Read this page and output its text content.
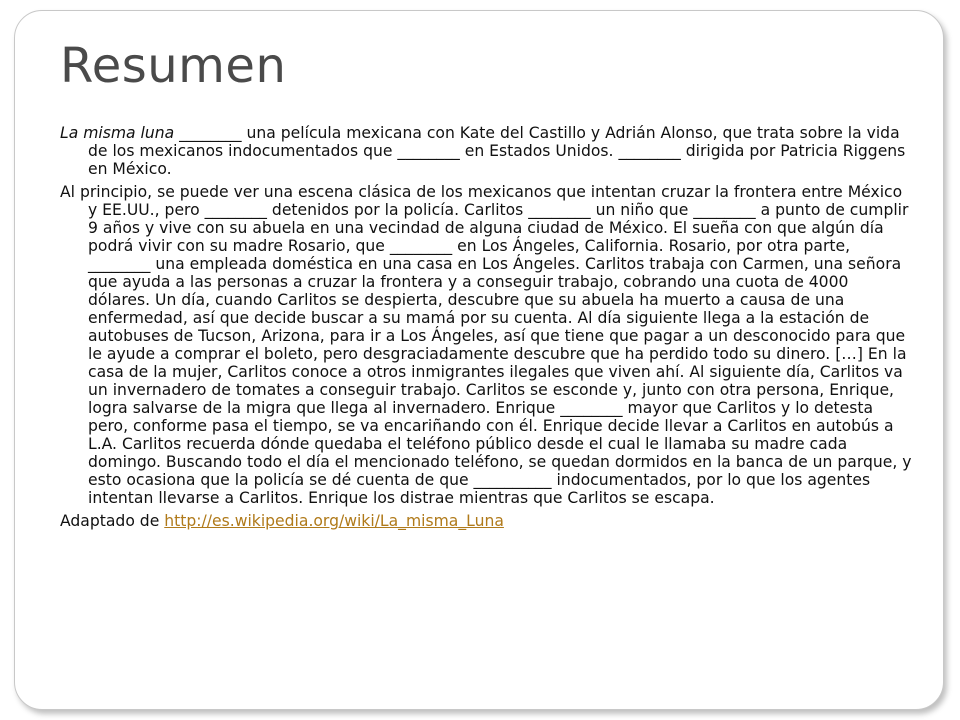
Resumen

La misma luna ________ una película mexicana con Kate del Castillo y Adrián Alonso, que trata sobre la vida de los mexicanos indocumentados que ________ en Estados Unidos. ________ dirigida por Patricia Riggens en México.

Al principio, se puede ver una escena clásica de los mexicanos que intentan cruzar la frontera entre México y EE.UU., pero ________ detenidos por la policía. Carlitos ________ un niño que ________ a punto de cumplir 9 años y vive con su abuela en una vecindad de alguna ciudad de México. El sueña con que algún día podrá vivir con su madre Rosario, que ________ en Los Ángeles, California. Rosario, por otra parte, ________ una empleada doméstica en una casa en Los Ángeles. Carlitos trabaja con Carmen, una señora que ayuda a las personas a cruzar la frontera y a conseguir trabajo, cobrando una cuota de 4000 dólares. Un día, cuando Carlitos se despierta, descubre que su abuela ha muerto a causa de una enfermedad, así que decide buscar a su mamá por su cuenta. Al día siguiente llega a la estación de autobuses de Tucson, Arizona, para ir a Los Ángeles, así que tiene que pagar a un desconocido para que le ayude a comprar el boleto, pero desgraciadamente descubre que ha perdido todo su dinero. […] En la casa de la mujer, Carlitos conoce a otros inmigrantes ilegales que viven ahí. Al siguiente día, Carlitos va un invernadero de tomates a conseguir trabajo. Carlitos se esconde y, junto con otra persona, Enrique, logra salvarse de la migra que llega al invernadero. Enrique ________ mayor que Carlitos y lo detesta pero, conforme pasa el tiempo, se va encariñando con él. Enrique decide llevar a Carlitos en autobús a L.A. Carlitos recuerda dónde quedaba el teléfono público desde el cual le llamaba su madre cada domingo. Buscando todo el día el mencionado teléfono, se quedan dormidos en la banca de un parque, y esto ocasiona que la policía se dé cuenta de que __________ indocumentados, por lo que los agentes intentan llevarse a Carlitos. Enrique los distrae mientras que Carlitos se escapa.

Adaptado de http://es.wikipedia.org/wiki/La_misma_Luna
